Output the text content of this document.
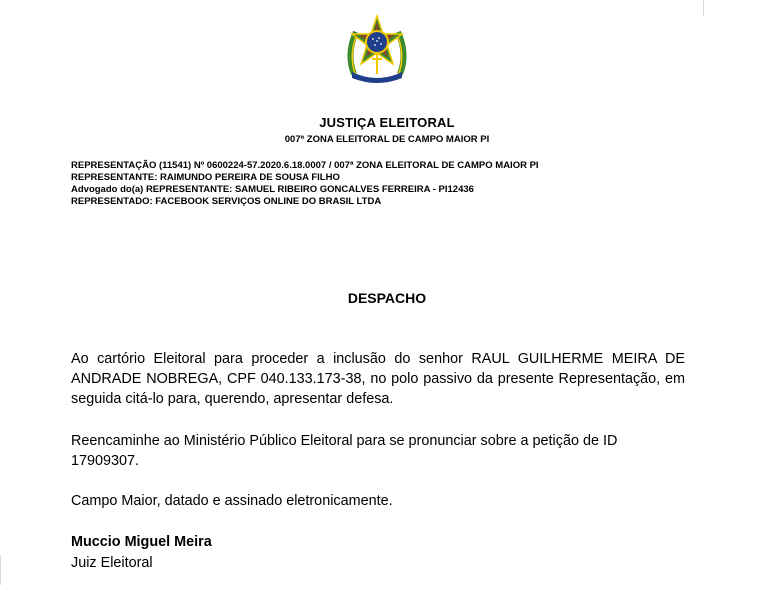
JUSTIÇA ELEITORAL
007ª ZONA ELEITORAL DE CAMPO MAIOR PI
REPRESENTAÇÃO (11541) Nº 0600224-57.2020.6.18.0007 / 007ª ZONA ELEITORAL DE CAMPO MAIOR PI
REPRESENTANTE: RAIMUNDO PEREIRA DE SOUSA FILHO
Advogado do(a) REPRESENTANTE: SAMUEL RIBEIRO GONCALVES FERREIRA - PI12436
REPRESENTADO: FACEBOOK SERVIÇOS ONLINE DO BRASIL LTDA
DESPACHO
Ao cartório Eleitoral para proceder a inclusão do senhor RAUL GUILHERME MEIRA DE ANDRADE NOBREGA, CPF 040.133.173-38, no polo passivo da presente Representação, em seguida citá-lo para, querendo, apresentar defesa.
Reencaminhe ao Ministério Público Eleitoral para se pronunciar sobre a petição de ID 17909307.
Campo Maior, datado e assinado eletronicamente.
Muccio Miguel Meira
Juiz Eleitoral
